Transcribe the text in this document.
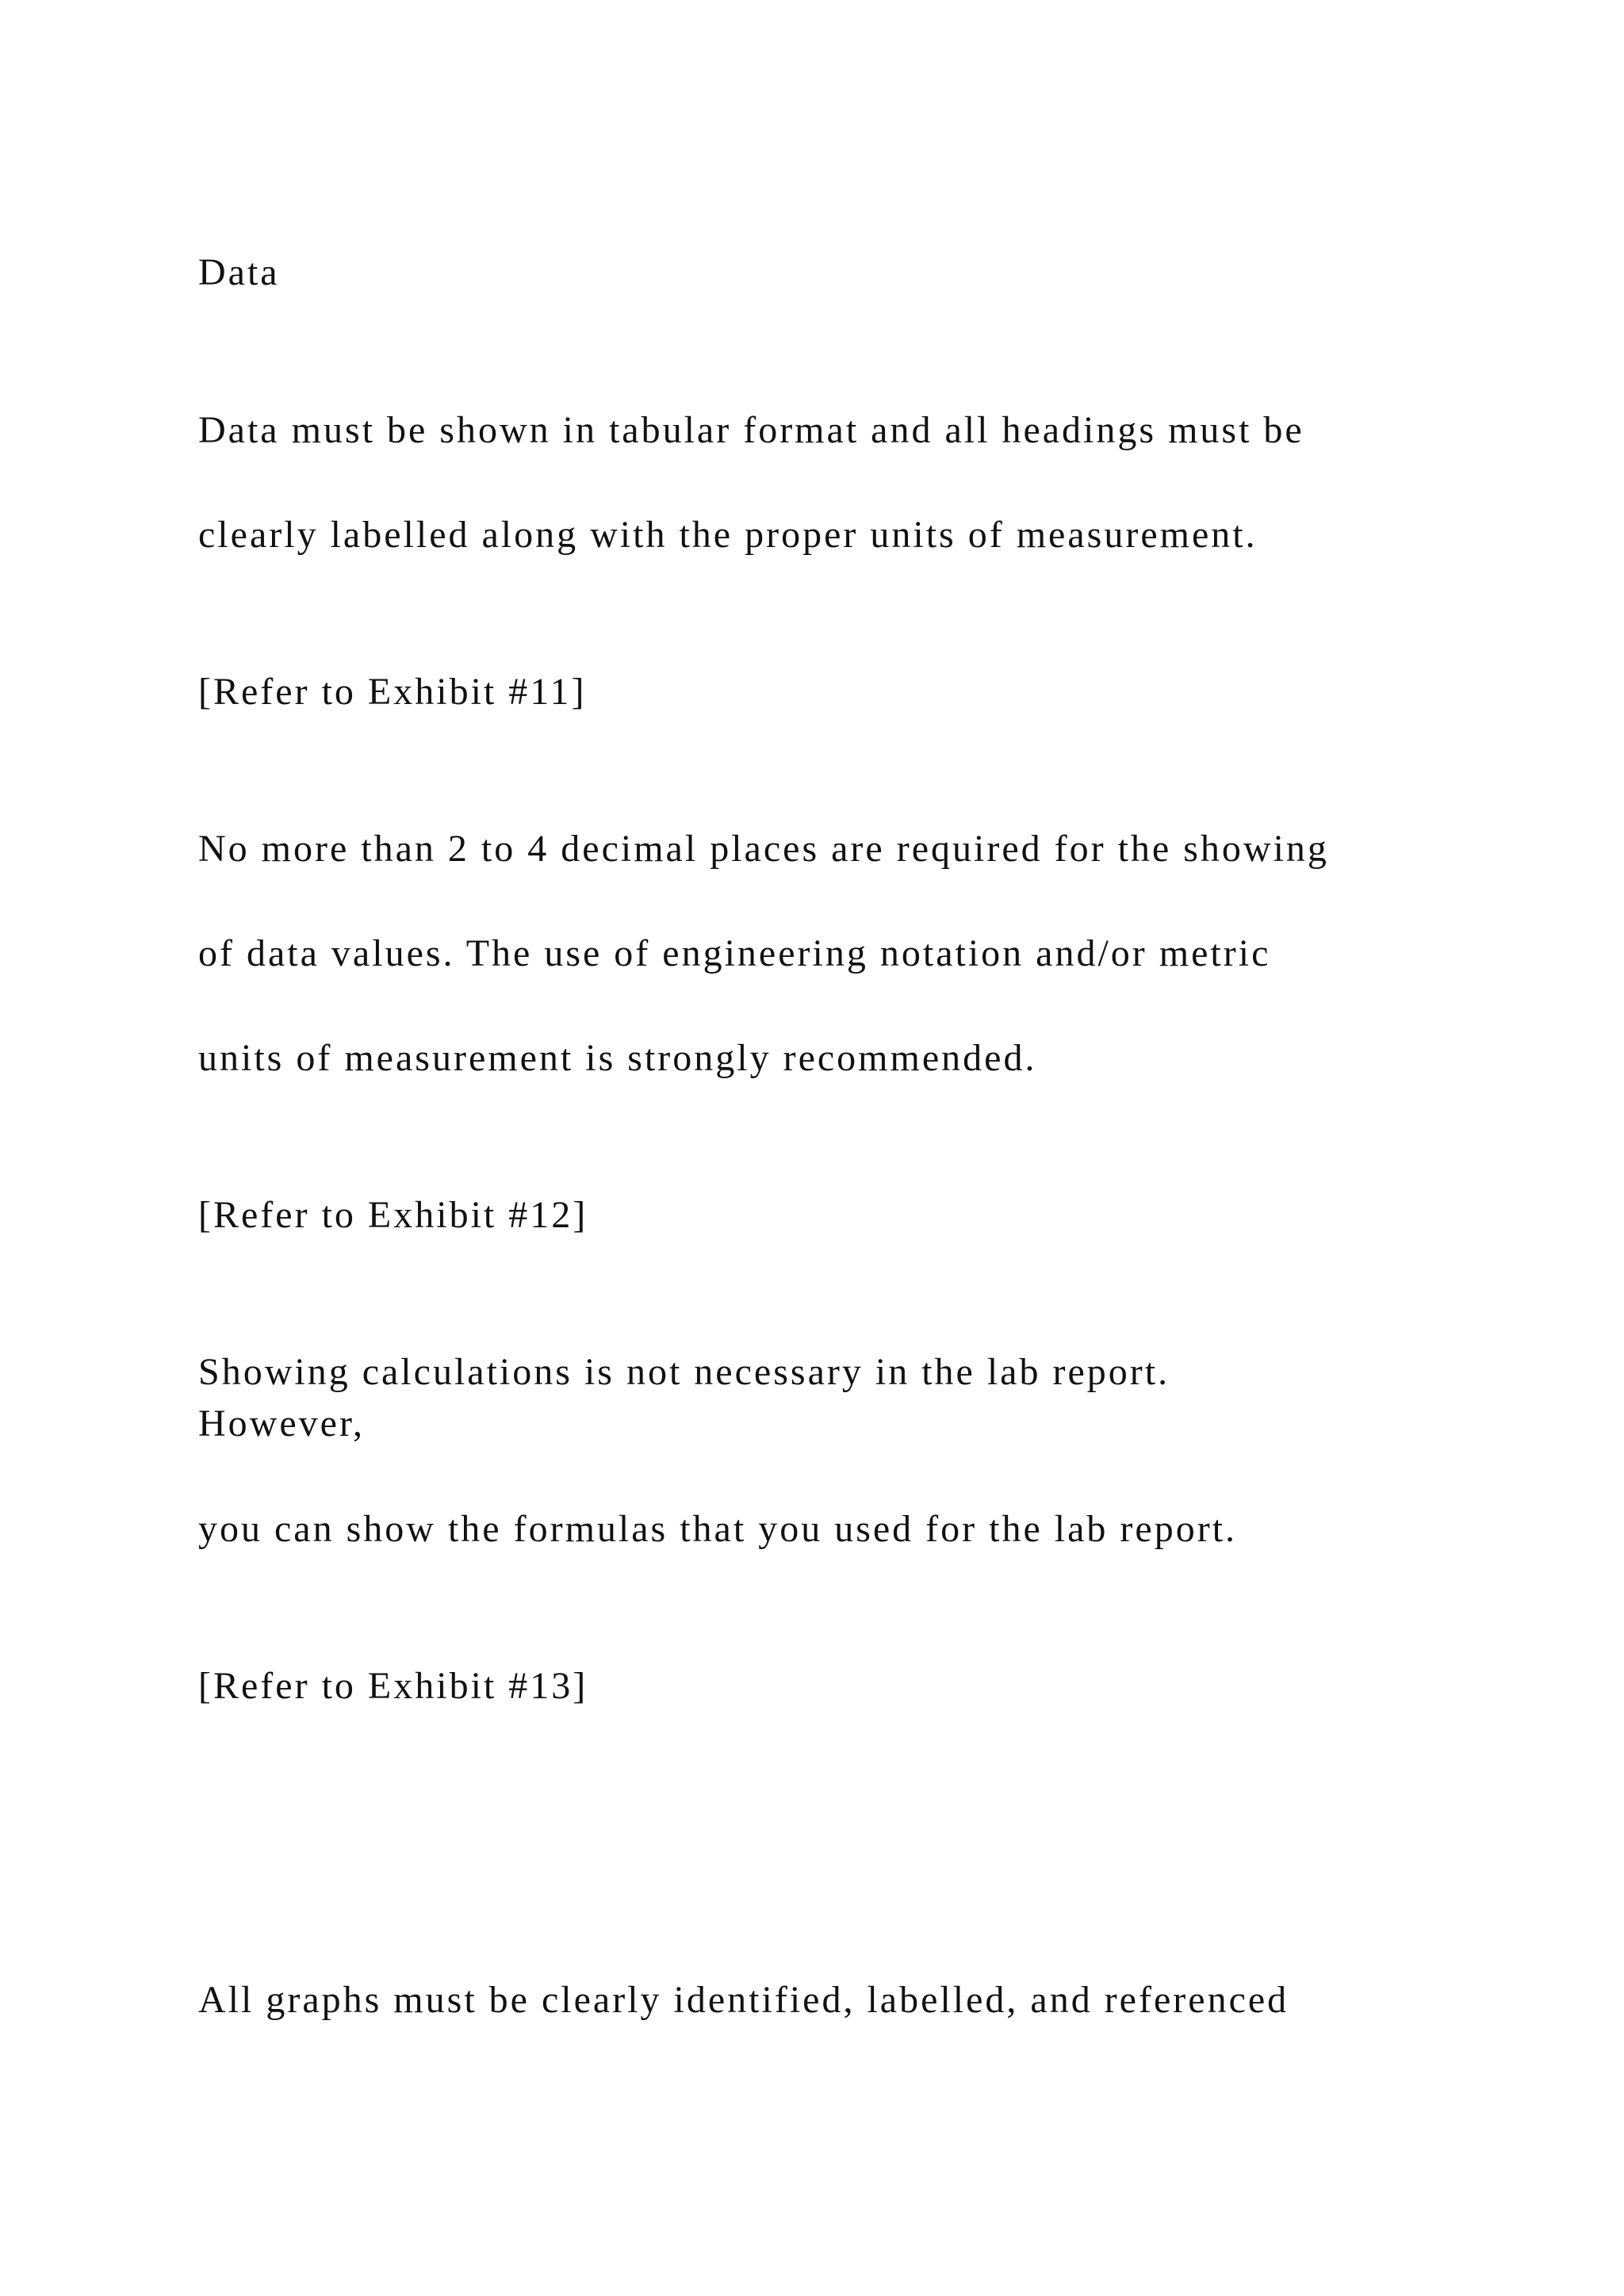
Data

Data must be shown in tabular format and all headings must be

clearly labelled along with the proper units of measurement.

[Refer to Exhibit #11]

No more than 2 to 4 decimal places are required for the showing

of data values. The use of engineering notation and/or metric

units of measurement is strongly recommended.

[Refer to Exhibit #12]

Showing calculations is not necessary in the lab report.

However,

you can show the formulas that you used for the lab report.

[Refer to Exhibit #13]

All graphs must be clearly identified, labelled, and referenced
